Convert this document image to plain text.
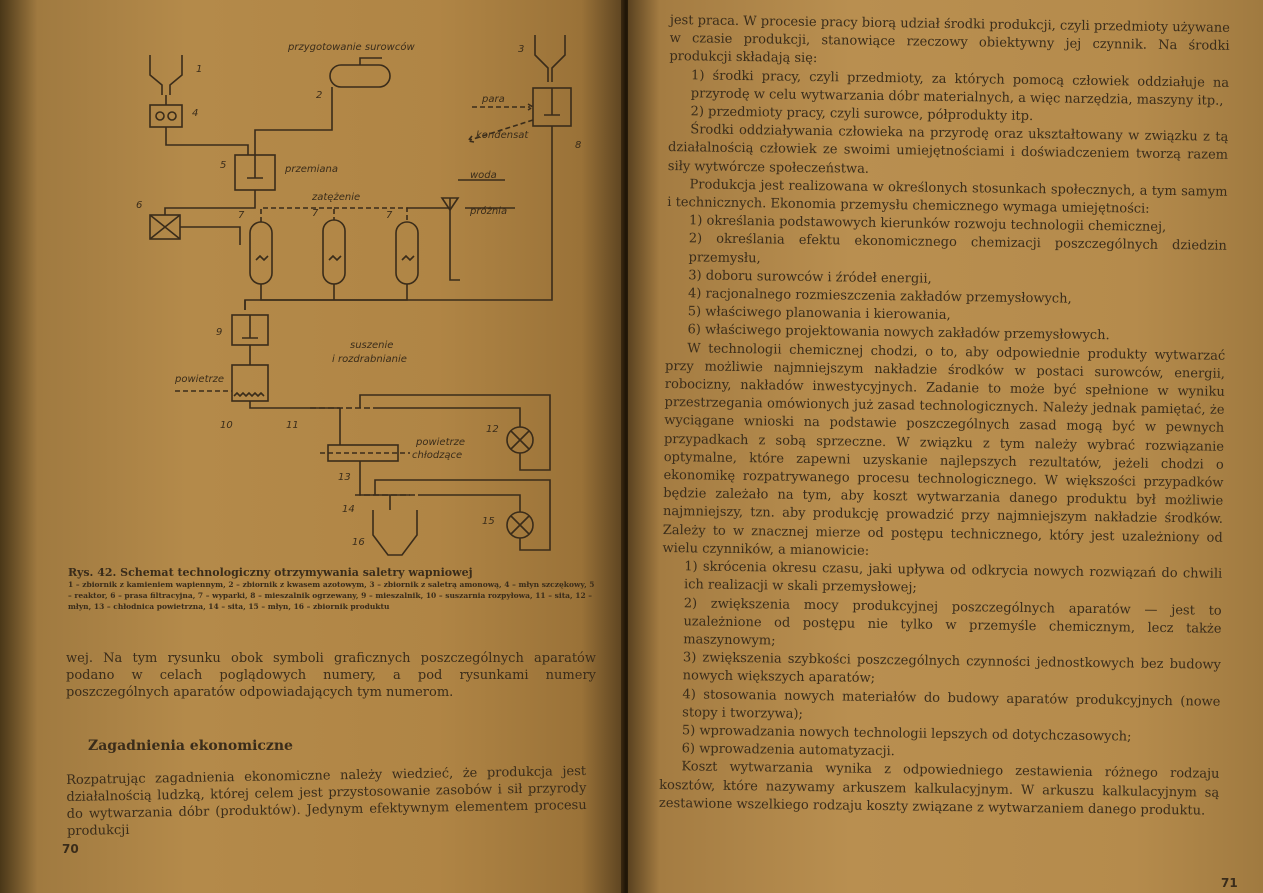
przygotowanie surowców
przemiana
para
kondensat
woda
próżnia
zatężenie
suszenie
i rozdrabnianie
powietrze
powietrze
chłodzące
1
2
3
4
5
6
7	7	7
8
9
10	11	12
13
14
15
16
Rys. 42. Schemat technologiczny otrzymywania saletry wapniowej
1 – zbiornik z kamieniem wapiennym, 2 – zbiornik z kwasem azotowym, 3 – zbiornik z saletrą amonową, 4 – młyn szczękowy, 5 – reaktor, 6 – prasa filtracyjna, 7 – wyparki, 8 – mieszalnik ogrzewany, 9 – mieszalnik, 10 – suszarnia rozpyłowa, 11 – sita, 12 – młyn, 13 – chłodnica powietrzna, 14 – sita, 15 – młyn, 16 – zbiornik produktu
wej. Na tym rysunku obok symboli graficznych poszczególnych aparatów podano w celach poglądowych numery, a pod rysunkami numery poszczególnych aparatów odpowiadających tym numerom.
Zagadnienia ekonomiczne
Rozpatrując zagadnienia ekonomiczne należy wiedzieć, że produkcja jest działalnością ludzką, której celem jest przystosowanie zasobów i sił przyrody do wytwarzania dóbr (produktów). Jedynym efektywnym elementem procesu produkcji
70

jest praca. W procesie pracy biorą udział środki produkcji, czyli przedmioty używane w czasie produkcji, stanowiące rzeczowy obiektywny jej czynnik. Na środki produkcji składają się:

1) środki pracy, czyli przedmioty, za których pomocą człowiek oddziałuje na przyrodę w celu wytwarzania dóbr materialnych, a więc narzędzia, maszyny itp.,

2) przedmioty pracy, czyli surowce, półprodukty itp.

Środki oddziaływania człowieka na przyrodę oraz ukształtowany w związku z tą działalnością człowiek ze swoimi umiejętnościami i doświadczeniem tworzą razem siły wytwórcze społeczeństwa.

Produkcja jest realizowana w określonych stosunkach społecznych, a tym samym i technicznych. Ekonomia przemysłu chemicznego wymaga umiejętności:

1) określania podstawowych kierunków rozwoju technologii chemicznej,

2) określania efektu ekonomicznego chemizacji poszczególnych dziedzin przemysłu,

3) doboru surowców i źródeł energii,

4) racjonalnego rozmieszczenia zakładów przemysłowych,

5) właściwego planowania i kierowania,

6) właściwego projektowania nowych zakładów przemysłowych.

W technologii chemicznej chodzi, o to, aby odpowiednie produkty wytwarzać przy możliwie najmniejszym nakładzie środków w postaci surowców, energii, robocizny, nakładów inwestycyjnych. Zadanie to może być spełnione w wyniku przestrzegania omówionych już zasad technologicznych. Należy jednak pamiętać, że wyciągane wnioski na podstawie poszczególnych zasad mogą być w pewnych przypadkach z sobą sprzeczne. W związku z tym należy wybrać rozwiązanie optymalne, które zapewni uzyskanie najlepszych rezultatów, jeżeli chodzi o ekonomikę rozpatrywanego procesu technologicznego. W większości przypadków będzie zależało na tym, aby koszt wytwarzania danego produktu był możliwie najmniejszy, tzn. aby produkcję prowadzić przy najmniejszym nakładzie środków. Zależy to w znacznej mierze od postępu technicznego, który jest uzależniony od wielu czynników, a mianowicie:

1) skrócenia okresu czasu, jaki upływa od odkrycia nowych rozwiązań do chwili ich realizacji w skali przemysłowej;

2) zwiększenia mocy produkcyjnej poszczególnych aparatów — jest to uzależnione od postępu nie tylko w przemyśle chemicznym, lecz także maszynowym;

3) zwiększenia szybkości poszczególnych czynności jednostkowych bez budowy nowych większych aparatów;

4) stosowania nowych materiałów do budowy aparatów produkcyjnych (nowe stopy i tworzywa);

5) wprowadzania nowych technologii lepszych od dotychczasowych;

6) wprowadzenia automatyzacji.

Koszt wytwarzania wynika z odpowiedniego zestawienia różnego rodzaju kosztów, które nazywamy arkuszem kalkulacyjnym. W arkuszu kalkulacyjnym są zestawione wszelkiego rodzaju koszty związane z wytwarzaniem danego produktu.

71
